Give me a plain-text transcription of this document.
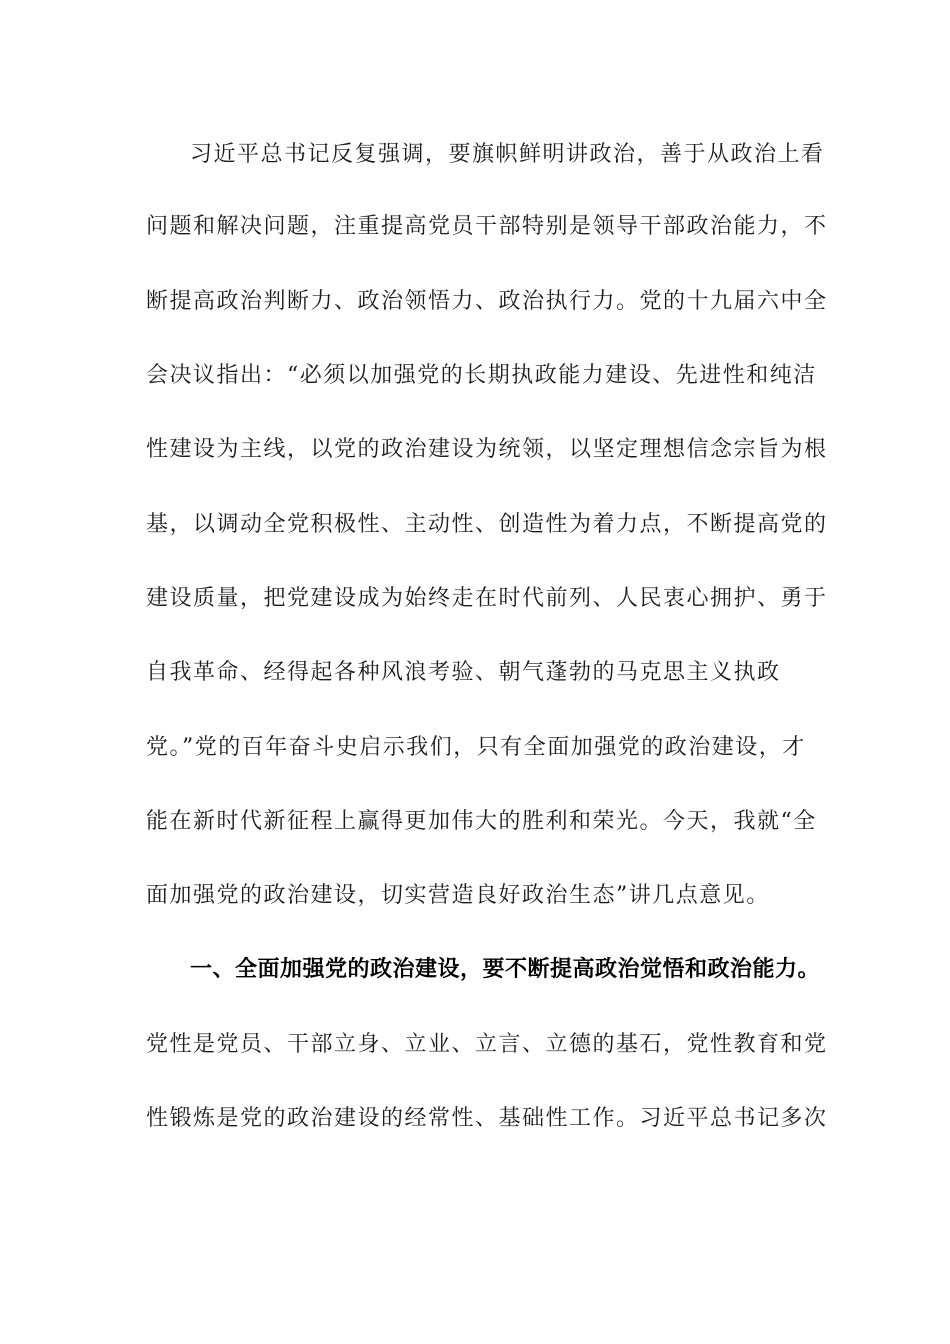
习近平总书记反复强调，要旗帜鲜明讲政治，善于从政治上看
问题和解决问题，注重提高党员干部特别是领导干部政治能力，不
断提高政治判断力、政治领悟力、政治执行力。党的十九届六中全
会决议指出：“必须以加强党的长期执政能力建设、先进性和纯洁
性建设为主线，以党的政治建设为统领，以坚定理想信念宗旨为根
基，以调动全党积极性、主动性、创造性为着力点，不断提高党的
建设质量，把党建设成为始终走在时代前列、人民衷心拥护、勇于
自我革命、经得起各种风浪考验、朝气蓬勃的马克思主义执政
党。”党的百年奋斗史启示我们，只有全面加强党的政治建设，才
能在新时代新征程上赢得更加伟大的胜利和荣光。今天，我就“全
面加强党的政治建设，切实营造良好政治生态”讲几点意见。
一、全面加强党的政治建设，要不断提高政治觉悟和政治能力。
党性是党员、干部立身、立业、立言、立德的基石，党性教育和党
性锻炼是党的政治建设的经常性、基础性工作。习近平总书记多次
